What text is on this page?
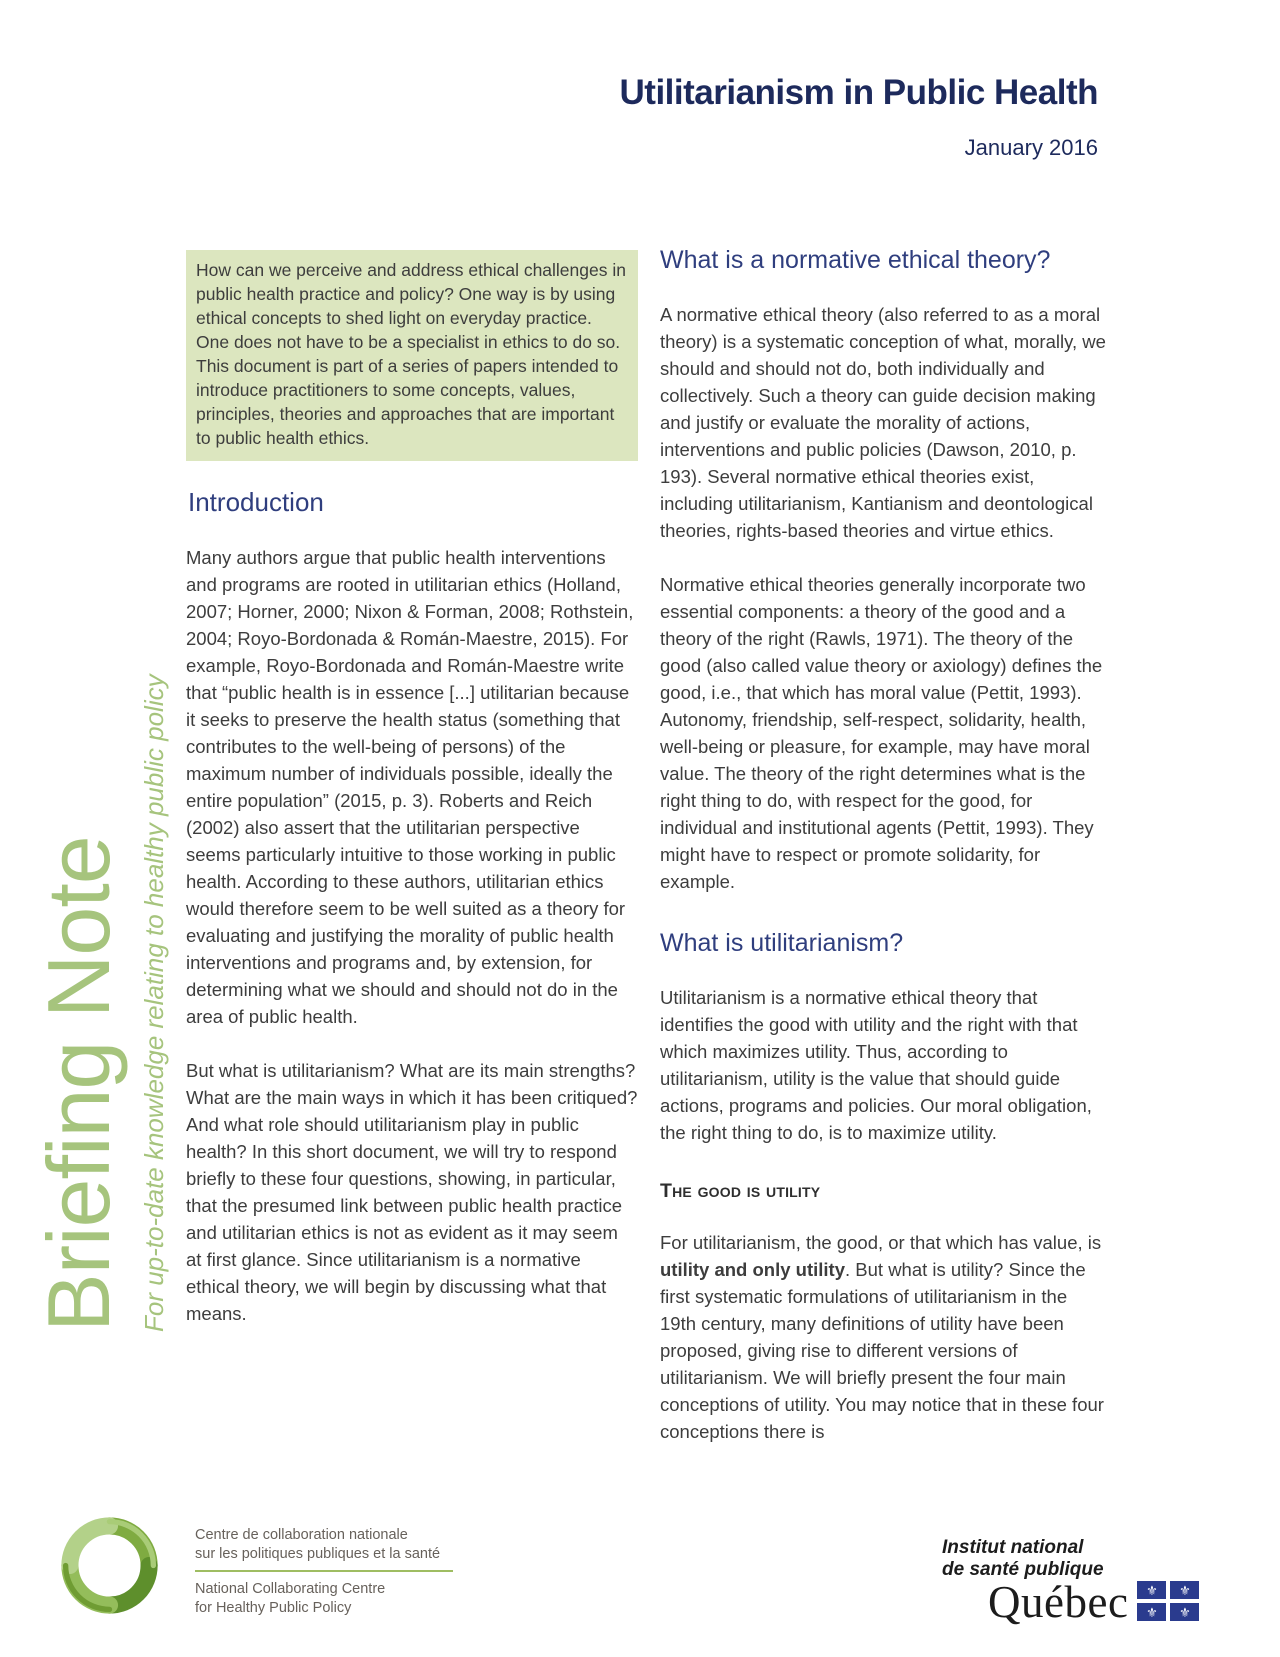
Utilitarianism in Public Health
January 2016
Briefing Note For up-to-date knowledge relating to healthy public policy
How can we perceive and address ethical challenges in public health practice and policy? One way is by using ethical concepts to shed light on everyday practice. One does not have to be a specialist in ethics to do so. This document is part of a series of papers intended to introduce practitioners to some concepts, values, principles, theories and approaches that are important to public health ethics.
Introduction

Many authors argue that public health interventions and programs are rooted in utilitarian ethics (Holland, 2007; Horner, 2000; Nixon & Forman, 2008; Rothstein, 2004; Royo-Bordonada & Román-Maestre, 2015). For example, Royo-Bordonada and Román-Maestre write that “public health is in essence [...] utilitarian because it seeks to preserve the health status (something that contributes to the well-being of persons) of the maximum number of individuals possible, ideally the entire population” (2015, p. 3). Roberts and Reich (2002) also assert that the utilitarian perspective seems particularly intuitive to those working in public health. According to these authors, utilitarian ethics would therefore seem to be well suited as a theory for evaluating and justifying the morality of public health interventions and programs and, by extension, for determining what we should and should not do in the area of public health.

But what is utilitarianism? What are its main strengths? What are the main ways in which it has been critiqued? And what role should utilitarianism play in public health? In this short document, we will try to respond briefly to these four questions, showing, in particular, that the presumed link between public health practice and utilitarian ethics is not as evident as it may seem at first glance. Since utilitarianism is a normative ethical theory, we will begin by discussing what that means.

What is a normative ethical theory?

A normative ethical theory (also referred to as a moral theory) is a systematic conception of what, morally, we should and should not do, both individually and collectively. Such a theory can guide decision making and justify or evaluate the morality of actions, interventions and public policies (Dawson, 2010, p. 193). Several normative ethical theories exist, including utilitarianism, Kantianism and deontological theories, rights-based theories and virtue ethics.

Normative ethical theories generally incorporate two essential components: a theory of the good and a theory of the right (Rawls, 1971). The theory of the good (also called value theory or axiology) defines the good, i.e., that which has moral value (Pettit, 1993). Autonomy, friendship, self-respect, solidarity, health, well-being or pleasure, for example, may have moral value. The theory of the right determines what is the right thing to do, with respect for the good, for individual and institutional agents (Pettit, 1993). They might have to respect or promote solidarity, for example.

What is utilitarianism?

Utilitarianism is a normative ethical theory that identifies the good with utility and the right with that which maximizes utility. Thus, according to utilitarianism, utility is the value that should guide actions, programs and policies. Our moral obligation, the right thing to do, is to maximize utility.

The good is utility

For utilitarianism, the good, or that which has value, is utility and only utility. But what is utility? Since the first systematic formulations of utilitarianism in the 19th century, many definitions of utility have been proposed, giving rise to different versions of utilitarianism. We will briefly present the four main conceptions of utility. You may notice that in these four conceptions there is

Centre de collaboration nationale
sur les politiques publiques et la santé
National Collaborating Centre
for Healthy Public Policy
Institut national
de santé publique
Québec	⚜	⚜
⚜	⚜
